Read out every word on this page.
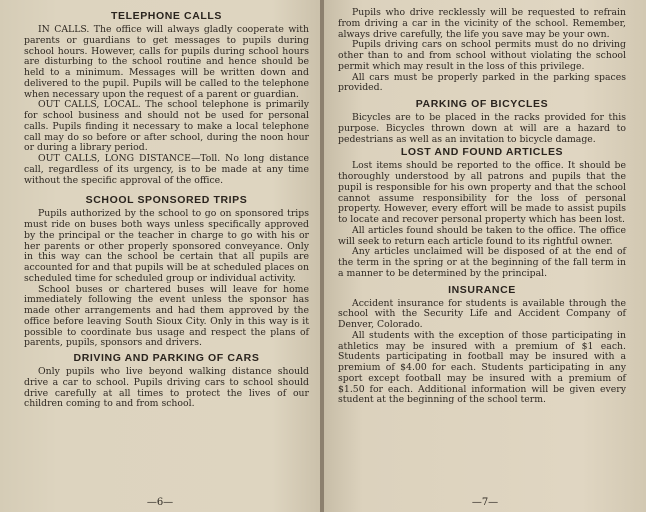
TELEPHONE CALLS

IN CALLS. The office will always gladly cooperate with parents or guardians to get messages to pupils during school hours. However, calls for pupils during school hours are disturbing to the school routine and hence should be held to a minimum. Messages will be written down and delivered to the pupil. Pupils will be called to the telephone when necessary upon the request of a parent or guardian.

OUT CALLS, LOCAL. The school telephone is primarily for school business and should not be used for personal calls. Pupils finding it necessary to make a local telephone call may do so before or after school, during the noon hour or during a library period.

OUT CALLS, LONG DISTANCE—Toll. No long distance call, regardless of its urgency, is to be made at any time without the specific approval of the office.

SCHOOL SPONSORED TRIPS

Pupils authorized by the school to go on sponsored trips must ride on buses both ways unless specifically approved by the principal or the teacher in charge to go with his or her parents or other properly sponsored conveyance. Only in this way can the school be certain that all pupils are accounted for and that pupils will be at scheduled places on scheduled time for scheduled group or individual activity.

School buses or chartered buses will leave for home immediately following the event unless the sponsor has made other arrangements and had them approved by the office before leaving South Sioux City. Only in this way is it possible to coordinate bus usage and respect the plans of parents, pupils, sponsors and drivers.

DRIVING AND PARKING OF CARS

Only pupils who live beyond walking distance should drive a car to school. Pupils driving cars to school should drive carefully at all times to protect the lives of our children coming to and from school.

—6—

Pupils who drive recklessly will be requested to refrain from driving a car in the vicinity of the school. Remember, always drive carefully, the life you save may be your own.

Pupils driving cars on school permits must do no driving other than to and from school without violating the school permit which may result in the loss of this privilege.

All cars must be properly parked in the parking spaces provided.

PARKING OF BICYCLES

Bicycles are to be placed in the racks provided for this purpose. Bicycles thrown down at will are a hazard to pedestrians as well as an invitation to bicycle damage.

LOST AND FOUND ARTICLES

Lost items should be reported to the office. It should be thoroughly understood by all patrons and pupils that the pupil is responsible for his own property and that the school cannot assume responsibility for the loss of personal property. However, every effort will be made to assist pupils to locate and recover personal property which has been lost.

All articles found should be taken to the office. The office will seek to return each article found to its rightful owner.

Any articles unclaimed will be disposed of at the end of the term in the spring or at the beginning of the fall term in a manner to be determined by the principal.

INSURANCE

Accident insurance for students is available through the school with the Security Life and Accident Company of Denver, Colorado.

All students with the exception of those participating in athletics may be insured with a premium of $1 each. Students participating in football may be insured with a premium of $4.00 for each. Students participating in any sport except football may be insured with a premium of $1.50 for each. Additional information will be given every student at the beginning of the school term.

—7—
